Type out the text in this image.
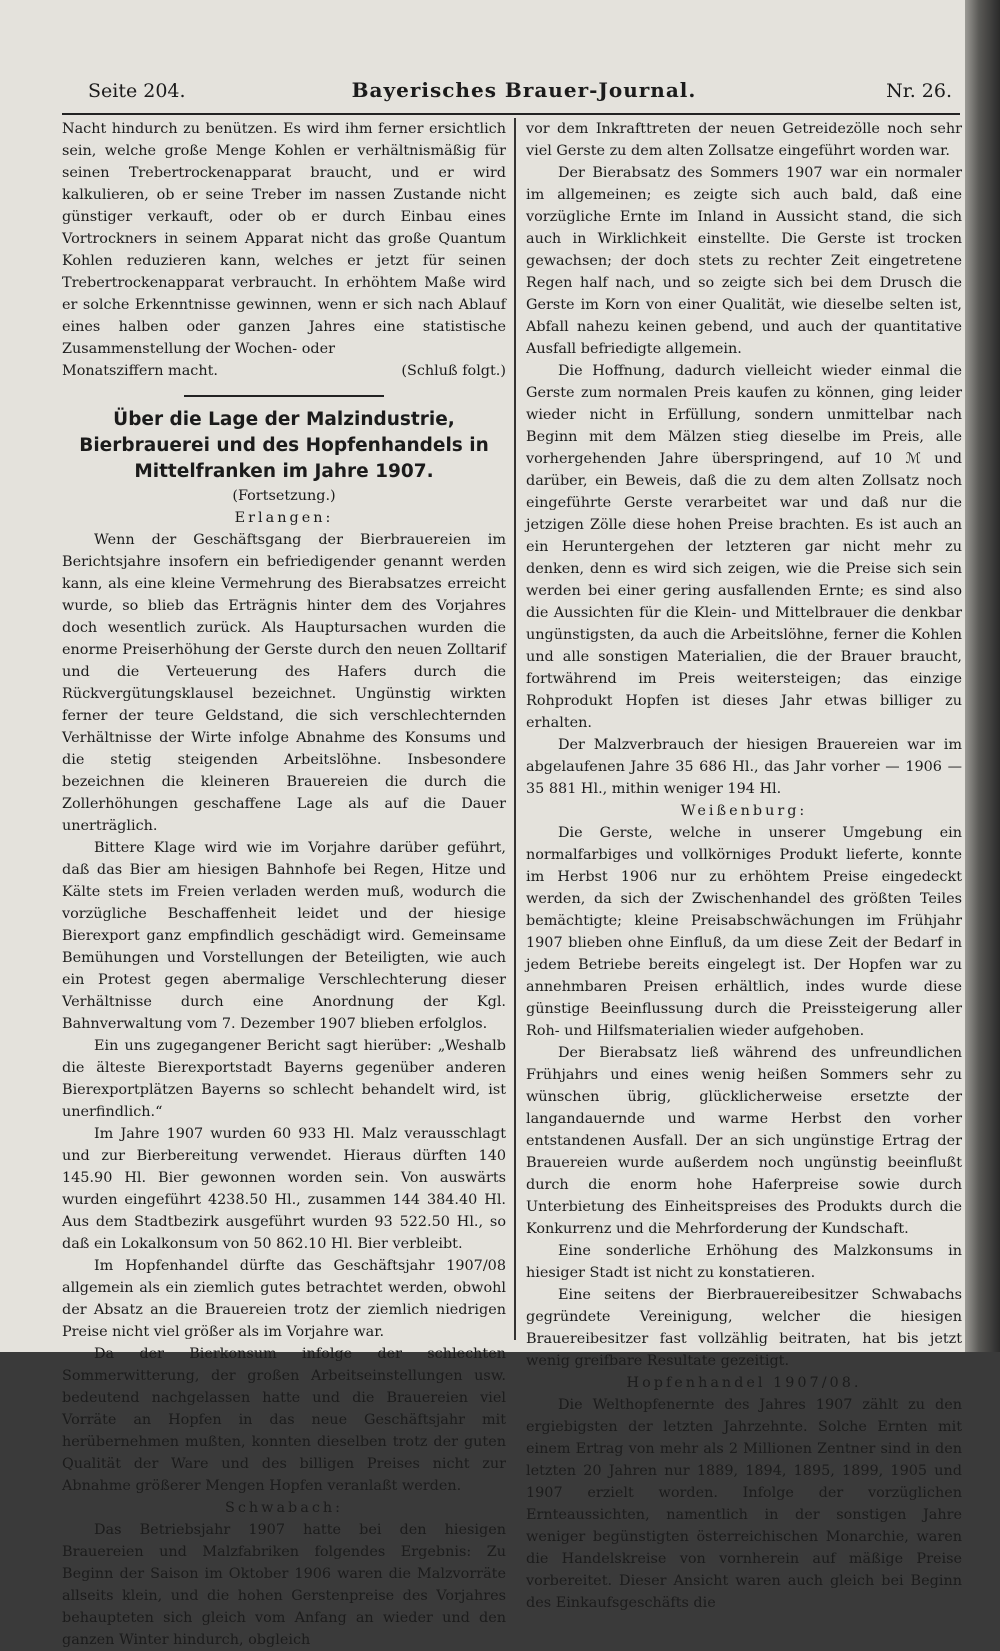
Seite 204.	Bayerisches Brauer-Journal.	Nr. 26.

Nacht hindurch zu benützen. Es wird ihm ferner ersichtlich sein, welche große Menge Kohlen er verhältnismäßig für seinen Trebertrockenapparat braucht, und er wird kalkulieren, ob er seine Treber im nassen Zustande nicht günstiger verkauft, oder ob er durch Einbau eines Vortrockners in seinem Apparat nicht das große Quantum Kohlen reduzieren kann, welches er jetzt für seinen Trebertrockenapparat verbraucht. In erhöhtem Maße wird er solche Erkenntnisse gewinnen, wenn er sich nach Ablauf eines halben oder ganzen Jahres eine statistische Zusammenstellung der Wochen- oder

Monatsziffern macht.	(Schluß folgt.)

Über die Lage der Malzindustrie, Bierbrauerei und des Hopfenhandels in Mittelfranken im Jahre 1907.
(Fortsetzung.)

Erlangen:

Wenn der Geschäftsgang der Bierbrauereien im Berichtsjahre insofern ein befriedigender genannt werden kann, als eine kleine Vermehrung des Bierabsatzes erreicht wurde, so blieb das Erträgnis hinter dem des Vorjahres doch wesentlich zurück. Als Hauptursachen wurden die enorme Preiserhöhung der Gerste durch den neuen Zolltarif und die Verteuerung des Hafers durch die Rückvergütungsklausel bezeichnet. Ungünstig wirkten ferner der teure Geldstand, die sich verschlechternden Verhältnisse der Wirte infolge Abnahme des Konsums und die stetig steigenden Arbeitslöhne. Insbesondere bezeichnen die kleineren Brauereien die durch die Zollerhöhungen geschaffene Lage als auf die Dauer unerträglich.

Bittere Klage wird wie im Vorjahre darüber geführt, daß das Bier am hiesigen Bahnhofe bei Regen, Hitze und Kälte stets im Freien verladen werden muß, wodurch die vorzügliche Beschaffenheit leidet und der hiesige Bierexport ganz empfindlich geschädigt wird. Gemeinsame Bemühungen und Vorstellungen der Beteiligten, wie auch ein Protest gegen abermalige Verschlechterung dieser Verhältnisse durch eine Anordnung der Kgl. Bahnverwaltung vom 7. Dezember 1907 blieben erfolglos.

Ein uns zugegangener Bericht sagt hierüber: „Weshalb die älteste Bierexportstadt Bayerns gegenüber anderen Bierexportplätzen Bayerns so schlecht behandelt wird, ist unerfindlich.“

Im Jahre 1907 wurden 60 933 Hl. Malz verausschlagt und zur Bierbereitung verwendet. Hieraus dürften 140 145.90 Hl. Bier gewonnen worden sein. Von auswärts wurden eingeführt 4238.50 Hl., zusammen 144 384.40 Hl. Aus dem Stadtbezirk ausgeführt wurden 93 522.50 Hl., so daß ein Lokalkonsum von 50 862.10 Hl. Bier verbleibt.

Im Hopfenhandel dürfte das Geschäftsjahr 1907/08 allgemein als ein ziemlich gutes betrachtet werden, obwohl der Absatz an die Brauereien trotz der ziemlich niedrigen Preise nicht viel größer als im Vorjahre war.

Da der Bierkonsum infolge der schlechten Sommerwitterung, der großen Arbeitseinstellungen usw. bedeutend nachgelassen hatte und die Brauereien viel Vorräte an Hopfen in das neue Geschäftsjahr mit herübernehmen mußten, konnten dieselben trotz der guten Qualität der Ware und des billigen Preises nicht zur Abnahme größerer Mengen Hopfen veranlaßt werden.

Schwabach:

Das Betriebsjahr 1907 hatte bei den hiesigen Brauereien und Malzfabriken folgendes Ergebnis: Zu Beginn der Saison im Oktober 1906 waren die Malzvorräte allseits klein, und die hohen Gerstenpreise des Vorjahres behaupteten sich gleich vom Anfang an wieder und den ganzen Winter hindurch, obgleich

vor dem Inkrafttreten der neuen Getreidezölle noch sehr viel Gerste zu dem alten Zollsatze eingeführt worden war.

Der Bierabsatz des Sommers 1907 war ein normaler im allgemeinen; es zeigte sich auch bald, daß eine vorzügliche Ernte im Inland in Aussicht stand, die sich auch in Wirklichkeit einstellte. Die Gerste ist trocken gewachsen; der doch stets zu rechter Zeit eingetretene Regen half nach, und so zeigte sich bei dem Drusch die Gerste im Korn von einer Qualität, wie dieselbe selten ist, Abfall nahezu keinen gebend, und auch der quantitative Ausfall befriedigte allgemein.

Die Hoffnung, dadurch vielleicht wieder einmal die Gerste zum normalen Preis kaufen zu können, ging leider wieder nicht in Erfüllung, sondern unmittelbar nach Beginn mit dem Mälzen stieg dieselbe im Preis, alle vorhergehenden Jahre überspringend, auf 10 ℳ und darüber, ein Beweis, daß die zu dem alten Zollsatz noch eingeführte Gerste verarbeitet war und daß nur die jetzigen Zölle diese hohen Preise brachten. Es ist auch an ein Heruntergehen der letzteren gar nicht mehr zu denken, denn es wird sich zeigen, wie die Preise sich sein werden bei einer gering ausfallenden Ernte; es sind also die Aussichten für die Klein- und Mittelbrauer die denkbar ungünstigsten, da auch die Arbeitslöhne, ferner die Kohlen und alle sonstigen Materialien, die der Brauer braucht, fortwährend im Preis weitersteigen; das einzige Rohprodukt Hopfen ist dieses Jahr etwas billiger zu erhalten.

Der Malzverbrauch der hiesigen Brauereien war im abgelaufenen Jahre 35 686 Hl., das Jahr vorher — 1906 — 35 881 Hl., mithin weniger 194 Hl.

Weißenburg:

Die Gerste, welche in unserer Umgebung ein normalfarbiges und vollkörniges Produkt lieferte, konnte im Herbst 1906 nur zu erhöhtem Preise eingedeckt werden, da sich der Zwischenhandel des größten Teiles bemächtigte; kleine Preisabschwächungen im Frühjahr 1907 blieben ohne Einfluß, da um diese Zeit der Bedarf in jedem Betriebe bereits eingelegt ist. Der Hopfen war zu annehmbaren Preisen erhältlich, indes wurde diese günstige Beeinflussung durch die Preissteigerung aller Roh- und Hilfsmaterialien wieder aufgehoben.

Der Bierabsatz ließ während des unfreundlichen Frühjahrs und eines wenig heißen Sommers sehr zu wünschen übrig, glücklicherweise ersetzte der langandauernde und warme Herbst den vorher entstandenen Ausfall. Der an sich ungünstige Ertrag der Brauereien wurde außerdem noch ungünstig beeinflußt durch die enorm hohe Haferpreise sowie durch Unterbietung des Einheitspreises des Produkts durch die Konkurrenz und die Mehrforderung der Kundschaft.

Eine sonderliche Erhöhung des Malzkonsums in hiesiger Stadt ist nicht zu konstatieren.

Eine seitens der Bierbrauereibesitzer Schwabachs gegründete Vereinigung, welcher die hiesigen Brauereibesitzer fast vollzählig beitraten, hat bis jetzt wenig greifbare Resultate gezeitigt.

Hopfenhandel 1907/08.

Die Welthopfenernte des Jahres 1907 zählt zu den ergiebigsten der letzten Jahrzehnte. Solche Ernten mit einem Ertrag von mehr als 2 Millionen Zentner sind in den letzten 20 Jahren nur 1889, 1894, 1895, 1899, 1905 und 1907 erzielt worden. Infolge der vorzüglichen Ernteaussichten, namentlich in der sonstigen Jahre weniger begünstigten österreichischen Monarchie, waren die Handelskreise von vornherein auf mäßige Preise vorbereitet. Dieser Ansicht waren auch gleich bei Beginn des Einkaufsgeschäfts die
